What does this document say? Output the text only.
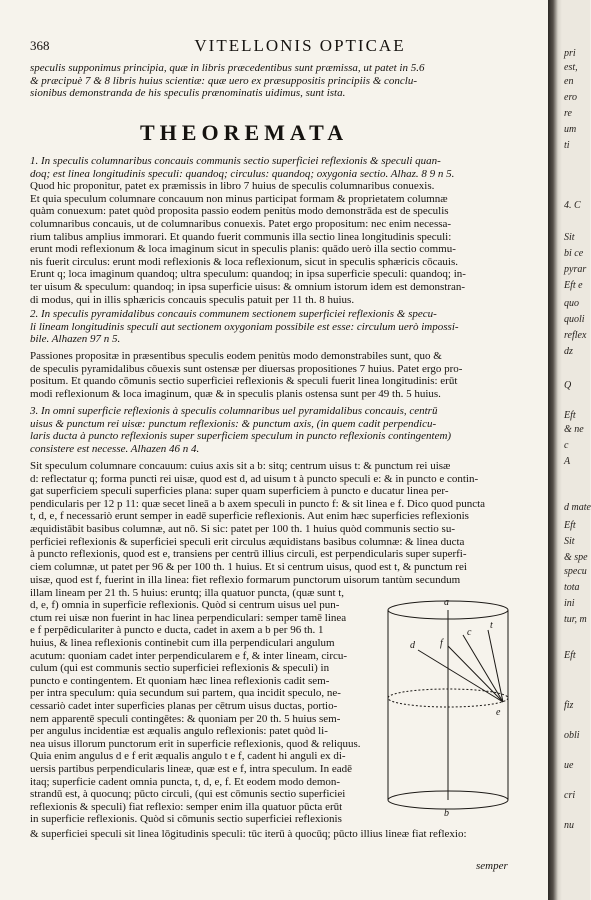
368	VITELLONIS OPTICAE
speculis supponimus principia, quæ in libris præcedentibus sunt præmissa, ut patet in 5.6
& præcipuè 7 & 8 libris huius scientiæ: quæ uero ex præsuppositis principiis & conclu-
sionibus demonstranda de his speculis prænominatis uidimus, sunt ista.
THEOREMATA
1. In speculis columnaribus concauis communis sectio superficiei reflexionis & speculi quan-
doq; est linea longitudinis speculi: quandoq; circulus: quandoq; oxygonia sectio. Alhaz. 8 9 n 5.
Quod hic proponitur, patet ex præmissis in libro 7 huius de speculis columnaribus conuexis.
Et quia speculum columnare concauum non minus participat formam & proprietatem columnæ
quàm conuexum: patet quòd proposita passio eodem penitùs modo demonstrāda est de speculis
columnaribus concauis, ut de columnaribus conuexis. Patet ergo propositum: nec enim necessa-
rium talibus amplius immorari. Et quando fuerit communis illa sectio linea longitudinis speculi:
erunt modi reflexionum & loca imaginum sicut in speculis planis: quādo uerò illa sectio commu-
nis fuerit circulus: erunt modi reflexionis & loca reflexionum, sicut in speculis sphæricis cōcauis.
Erunt q; loca imaginum quandoq; ultra speculum: quandoq; in ipsa superficie speculi: quandoq; in-
ter uisum & speculum: quandoq; in ipsa superficie uisus: & omnium istorum idem est demonstran-
di modus, qui in illis sphæricis concauis speculis patuit per 11 th. 8 huius.
2. In speculis pyramidalibus concauis communem sectionem superficiei reflexionis & specu-
li lineam longitudinis speculi aut sectionem oxygoniam possibile est esse: circulum uerò impossi-
bile. Alhazen 97 n 5.
Passiones propositæ in præsentibus speculis eodem penitùs modo demonstrabiles sunt, quo &
de speculis pyramidalibus cōuexis sunt ostensæ per diuersas propositiones 7 huius. Patet ergo pro-
positum. Et quando cōmunis sectio superficiei reflexionis & speculi fuerit linea longitudinis: erūt
modi reflexionum & loca imaginum, quæ & in speculis planis ostensa sunt per 49 th. 5 huius.
3. In omni superficie reflexionis à speculis columnaribus uel pyramidalibus concauis, centrū
uisus & punctum rei uisæ: punctum reflexionis: & punctum axis, (in quem cadit perpendicu-
laris ducta à puncto reflexionis super superficiem speculum in puncto reflexionis contingentem)
consistere est necesse. Alhazen 46 n 4.
Sit speculum columnare concauum: cuius axis sit a b: sitq; centrum uisus t: & punctum rei uisæ
d: reflectatur q; forma puncti rei uisæ, quod est d, ad uisum t à puncto speculi e: & in puncto e contin-
gat superficiem speculi superficies plana: super quam superficiem à puncto e ducatur linea per-
pendicularis per 12 p 11: quæ secet lineā a b axem speculi in puncto f: & sit linea e f. Dico quod puncta
t, d, e, f necessariò erunt semper in eadē superficie reflexionis. Aut enim hæc superficies reflexionis
æquidistābit basibus columnæ, aut nō. Si sic: patet per 100 th. 1 huius quòd communis sectio su-
perficiei reflexionis & superficiei speculi erit circulus æquidistans basibus columnæ: & linea ducta
à puncto reflexionis, quod est e, transiens per centrū illius circuli, est perpendicularis super superfi-
ciem columnæ, ut patet per 96 & per 100 th. 1 huius. Et si centrum uisus, quod est t, & punctum rei
uisæ, quod est f, fuerint in illa linea: fiet reflexio formarum punctorum uisorum tantùm secundum
illam lineam per 21 th. 5 huius: eruntq; illa quatuor puncta, (quæ sunt t,
d, e, f) omnia in superficie reflexionis. Quòd si centrum uisus uel pun-
ctum rei uisæ non fuerint in hac linea perpendiculari: semper tamē linea
e f perpēdiculariter à puncto e ducta, cadet in axem a b per 96 th. 1
huius, & linea reflexionis continebit cum illa perpendiculari angulum
acutum: quoniam cadet inter perpendicularem e f, & inter lineam, circu-
culum (qui est communis sectio superficiei reflexionis & speculi) in
puncto e contingentem. Et quoniam hæc linea reflexionis cadit sem-
per intra speculum: quia secundum sui partem, qua incidit speculo, ne-
cessariò cadet inter superficies planas per cētrum uisus ductas, portio-
nem apparentē speculi contingētes: & quoniam per 20 th. 5 huius sem-
per angulus incidentiæ est æqualis angulo reflexionis: patet quòd li-
nea uisus illorum punctorum erit in superficie reflexionis, quod & reliquus.
Quia enim angulus d e f erit æqualis angulo t e f, cadent hi anguli ex di-
uersis partibus perpendicularis lineæ, quæ est e f, intra speculum. In eadē
itaq; superficie cadent omnia puncta, t, d, e, f. Et eodem modo demon-
strandū est, à quocunq; pūcto circuli, (qui est cōmunis sectio superficiei
reflexionis & speculi) fiat reflexio: semper enim illa quatuor pūcta erūt
in superficie reflexionis. Quòd si cōmunis sectio superficiei reflexionis
& superficiei speculi sit linea lōgitudinis speculi: tūc iterū à quocūq; pūcto illius lineæ fiat reflexio:
semper
a
b
c
d
e
f
t
pri
est,
en
ero
re
um
ti
4. C
Sit
bi ce
pyrar
Eft e
quo
quoli
reflex
dz
Q
Eft
& ne
c
A
d mate
Eft
Sit
& spe
specu
tota
ini
tur, m
Eft
fiz
obli
ue
cri
nu
